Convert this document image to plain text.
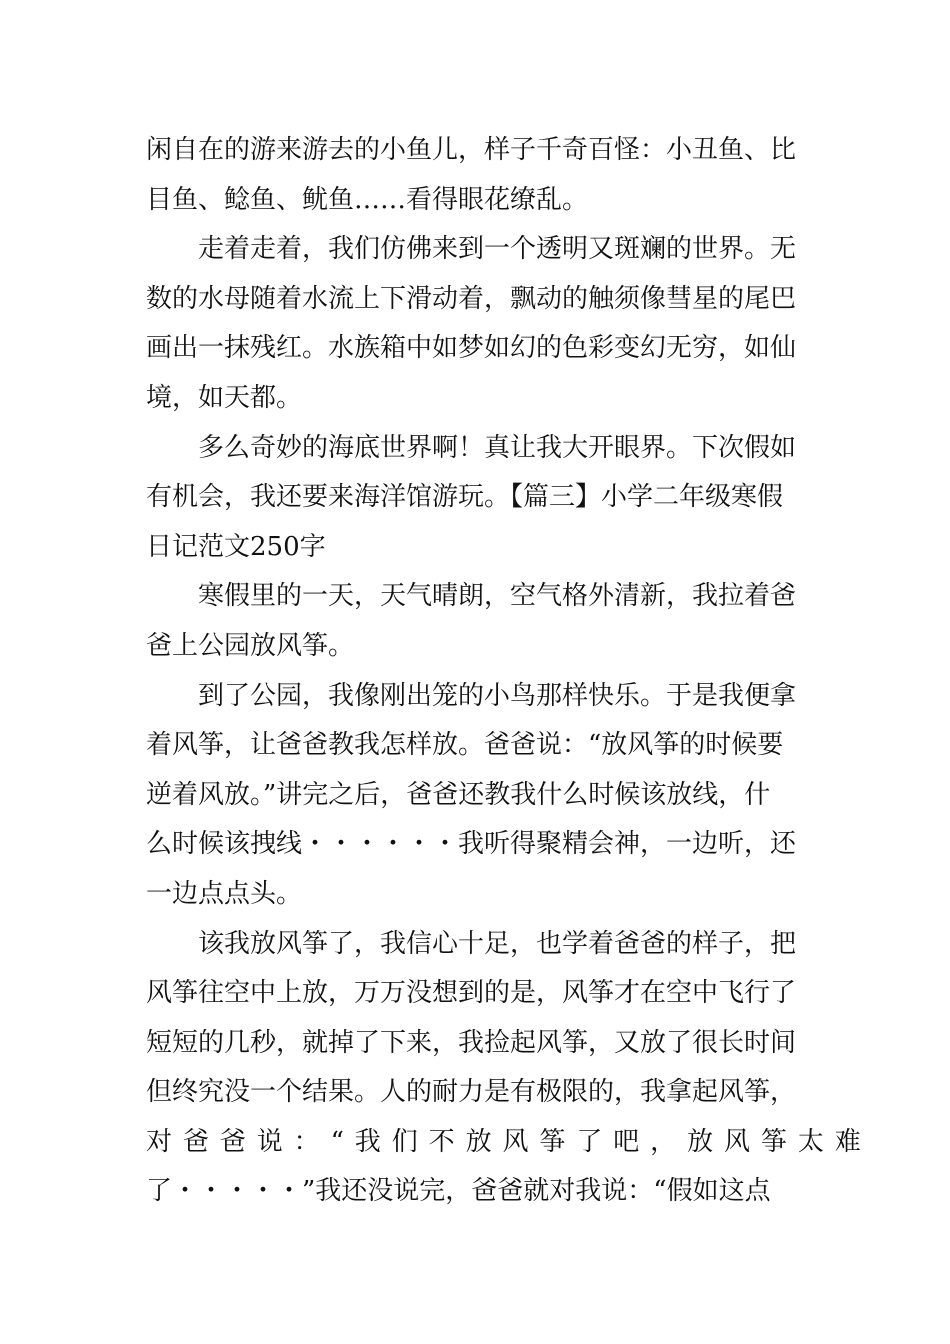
闲自在的游来游去的小鱼儿，样子千奇百怪：小丑鱼、比
目鱼、鲶鱼、鱿鱼……看得眼花缭乱。
走着走着，我们仿佛来到一个透明又斑斓的世界。无
数的水母随着水流上下滑动着，飘动的触须像彗星的尾巴
画出一抹残红。水族箱中如梦如幻的色彩变幻无穷，如仙
境，如天都。
多么奇妙的海底世界啊！真让我大开眼界。下次假如
有机会，我还要来海洋馆游玩。【篇三】小学二年级寒假
日记范文250字
寒假里的一天，天气晴朗，空气格外清新，我拉着爸
爸上公园放风筝。
到了公园，我像刚出笼的小鸟那样快乐。于是我便拿
着风筝，让爸爸教我怎样放。爸爸说：“放风筝的时候要
逆着风放。”讲完之后，爸爸还教我什么时候该放线，什
么时候该拽线・・・・・・我听得聚精会神，一边听，还
一边点点头。
该我放风筝了，我信心十足，也学着爸爸的样子，把
风筝往空中上放，万万没想到的是，风筝才在空中飞行了
短短的几秒，就掉了下来，我捡起风筝，又放了很长时间
但终究没一个结果。人的耐力是有极限的，我拿起风筝，
对爸爸说：“我们不放风筝了吧，放风筝太难
了・・・・・”我还没说完，爸爸就对我说：“假如这点
